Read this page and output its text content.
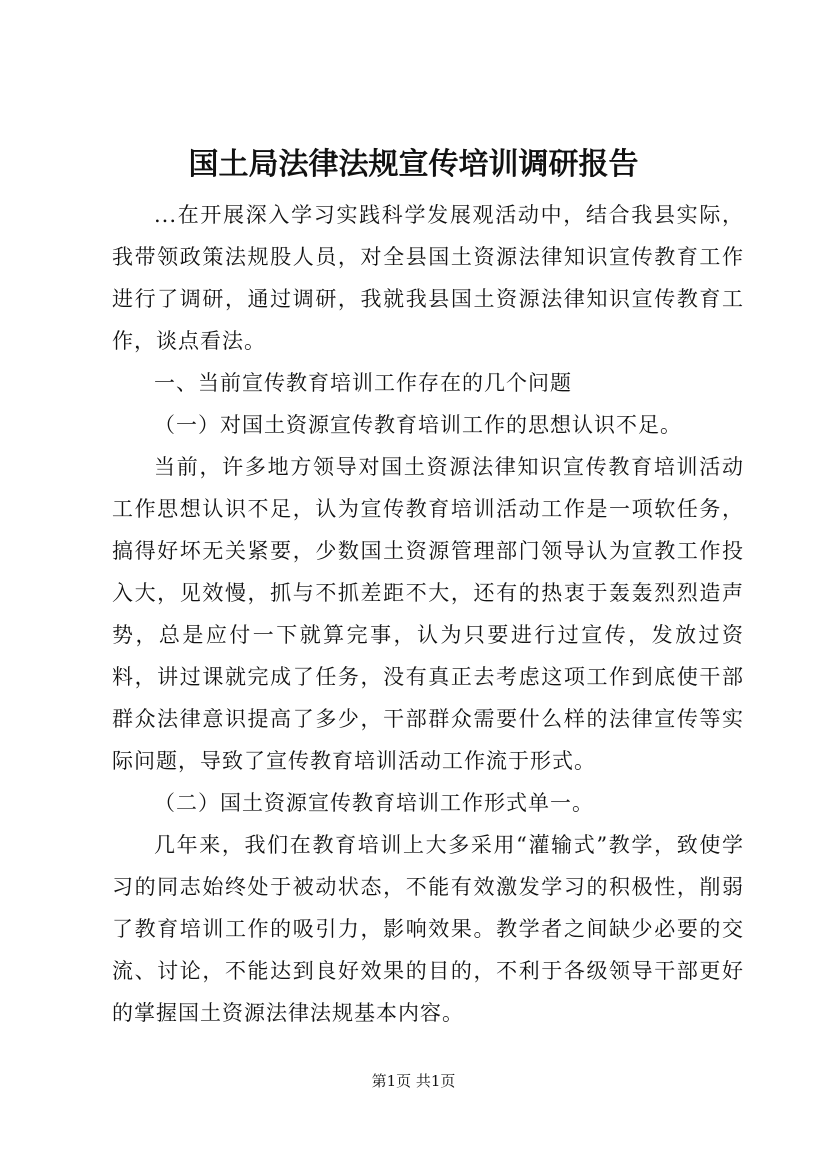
国土局法律法规宣传培训调研报告

...在开展深入学习实践科学发展观活动中，结合我县实际，我带领政策法规股人员，对全县国土资源法律知识宣传教育工作进行了调研，通过调研，我就我县国土资源法律知识宣传教育工作，谈点看法。

一、当前宣传教育培训工作存在的几个问题

（一）对国土资源宣传教育培训工作的思想认识不足。

当前，许多地方领导对国土资源法律知识宣传教育培训活动工作思想认识不足，认为宣传教育培训活动工作是一项软任务，搞得好坏无关紧要，少数国土资源管理部门领导认为宣教工作投入大，见效慢，抓与不抓差距不大，还有的热衷于轰轰烈烈造声势，总是应付一下就算完事，认为只要进行过宣传，发放过资料，讲过课就完成了任务，没有真正去考虑这项工作到底使干部群众法律意识提高了多少，干部群众需要什么样的法律宣传等实际问题，导致了宣传教育培训活动工作流于形式。

（二）国土资源宣传教育培训工作形式单一。

几年来，我们在教育培训上大多采用“灌输式”教学，致使学习的同志始终处于被动状态，不能有效激发学习的积极性，削弱了教育培训工作的吸引力，影响效果。教学者之间缺少必要的交流、讨论，不能达到良好效果的目的，不利于各级领导干部更好的掌握国土资源法律法规基本内容。

第1页 共1页
